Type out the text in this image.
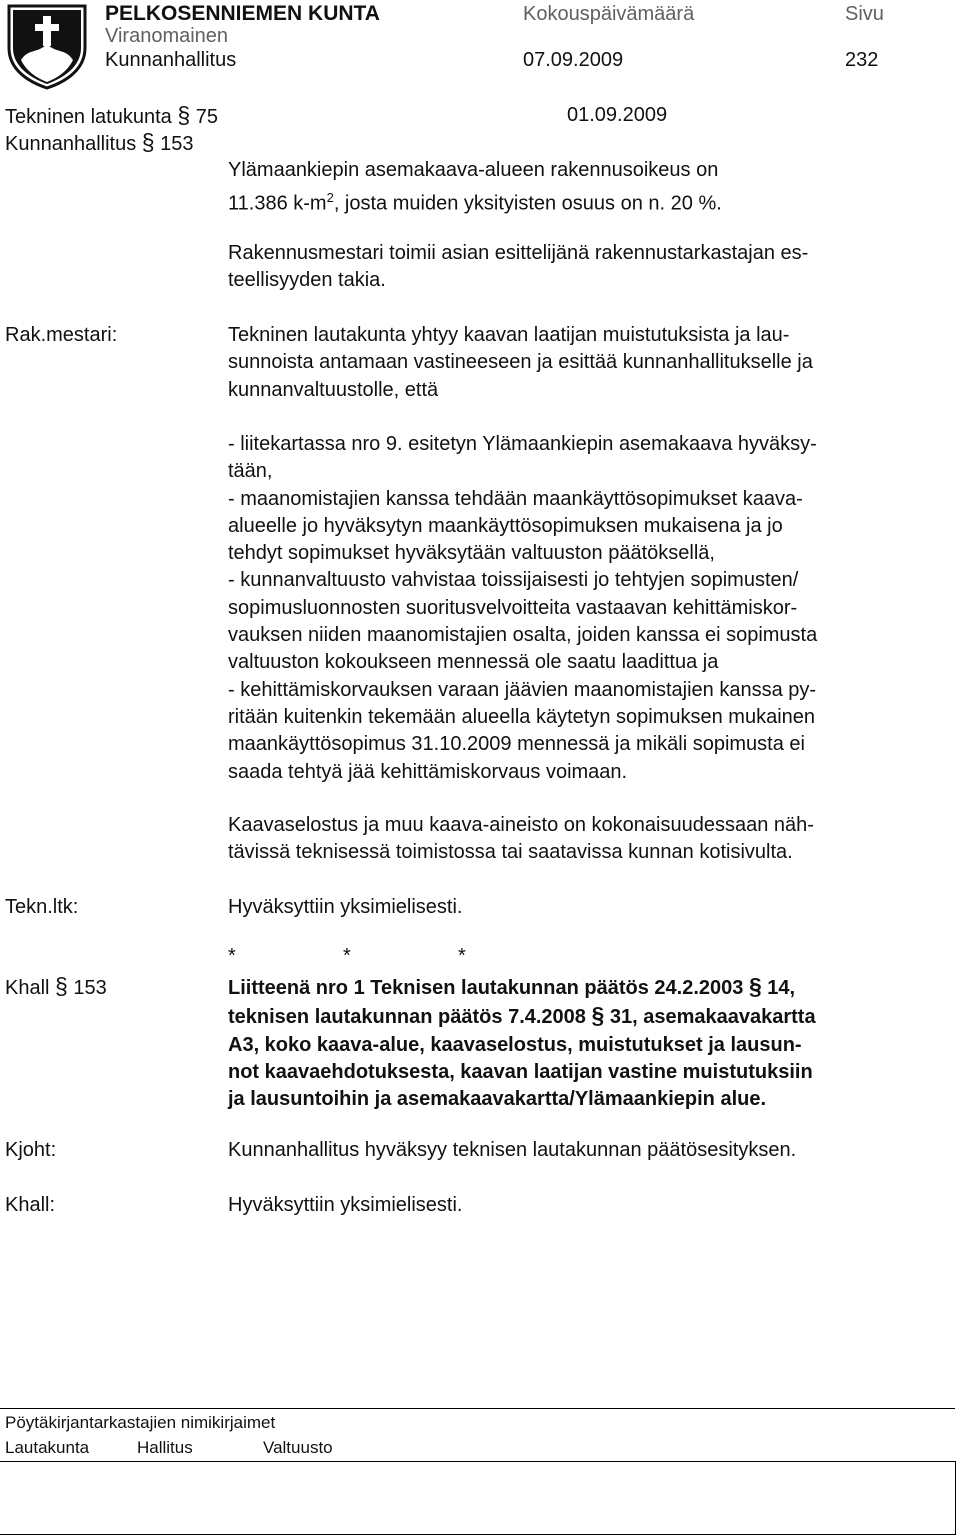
PELKOSENNIEMEN KUNTA	Kokouspäivämäärä	Sivu
Viranomainen
Kunnanhallitus	07.09.2009	232
Tekninen latukunta § 75	01.09.2009
Kunnanhallitus § 153
Ylämaankiepin asemakaava-alueen rakennusoikeus on
11.386 $k-m^2$, josta muiden yksityisten osuus on n. 20 %.
Rakennusmestari toimii asian esittelijänä rakennustarkastajan es-
teellisyyden takia.
Rak.mestari:	Tekninen lautakunta yhtyy kaavan laatijan muistutuksista ja lau-
sunnoista antamaan vastineeseen ja esittää kunnanhallitukselle ja
kunnanvaltuustolle, että
- liitekartassa nro 9. esitetyn Ylämaankiepin asemakaava hyväksy-
tään,
- maanomistajien kanssa tehdään maankäyttösopimukset kaava-
alueelle jo hyväksytyn maankäyttösopimuksen mukaisena ja jo
tehdyt sopimukset hyväksytään valtuuston päätöksellä,
- kunnanvaltuusto vahvistaa toissijaisesti jo tehtyjen sopimusten/
sopimusluonnosten suoritusvelvoitteita vastaavan kehittämiskor-
vauksen niiden maanomistajien osalta, joiden kanssa ei sopimusta
valtuuston kokoukseen mennessä ole saatu laadittua ja
- kehittämiskorvauksen varaan jäävien maanomistajien kanssa py-
ritään kuitenkin tekemään alueella käytetyn sopimuksen mukainen
maankäyttösopimus 31.10.2009 mennessä ja mikäli sopimusta ei
saada tehtyä jää kehittämiskorvaus voimaan.
Kaavaselostus ja muu kaava-aineisto on kokonaisuudessaan näh-
tävissä teknisessä toimistossa tai saatavissa kunnan kotisivulta.
Tekn.ltk:	Hyväksyttiin yksimielisesti.
*	*	*
Khall § 153	Liitteenä nro 1 Teknisen lautakunnan päätös 24.2.2003 § 14,
teknisen lautakunnan päätös 7.4.2008 § 31, asemakaavakartta
A3, koko kaava-alue, kaavaselostus, muistutukset ja lausun-
not kaavaehdotuksesta, kaavan laatijan vastine muistutuksiin
ja lausuntoihin ja asemakaavakartta/Ylämaankiepin alue.
Kjoht:	Kunnanhallitus hyväksyy teknisen lautakunnan päätösesityksen.
Khall:	Hyväksyttiin yksimielisesti.
Pöytäkirjantarkastajien nimikirjaimet
Lautakunta	Hallitus	Valtuusto
